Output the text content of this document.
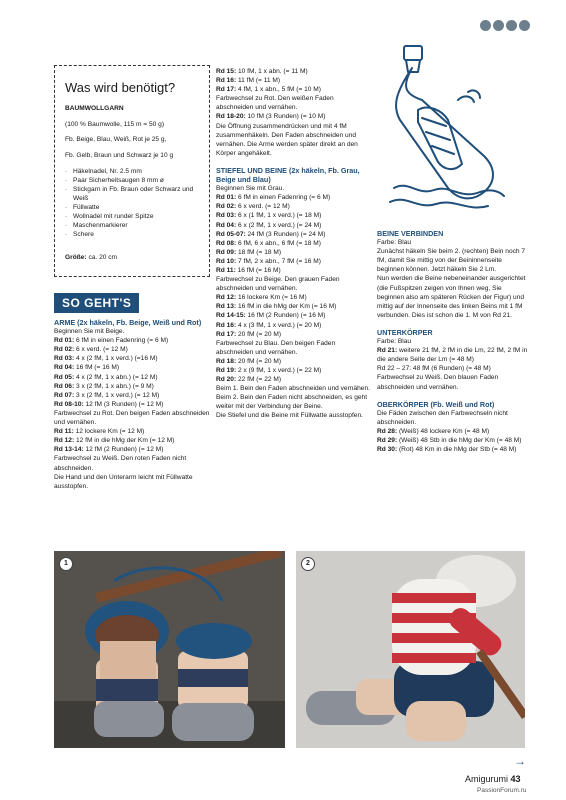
Was wird benötigt?

BAUMWOLLGARN

(100 % Baumwolle, 115 m = 50 g)

Fb. Beige, Blau, Weiß, Rot je 25 g,

Fb. Gelb, Braun und Schwarz je 10 g

· Häkelnadel, Nr. 2.5 mm
· Paar Sicherheitsaugen 8 mm ø
· Stickgarn in Fb. Braun oder Schwarz und Weiß
· Füllwatte
· Wollnadel mit runder Spitze
· Maschenmarkierer
· Schere

Größe: ca. 20 cm

SO GEHT'S

ARME (2x häkeln, Fb. Beige, Weiß und Rot)

Beginnen Sie mit Beige.

Rd 01: 6 fM in einen Fadenring (= 6 M)

Rd 02: 6 x verd. (= 12 M)

Rd 03: 4 x (2 fM, 1 x verd.) (=16 M)

Rd 04: 16 fM (= 16 M)

Rd 05: 4 x (2 fM, 1 x abn.) (= 12 M)

Rd 06: 3 x (2 fM, 1 x abn.) (= 9 M)

Rd 07: 3 x (2 fM, 1 x verd.) (= 12 M)

Rd 08-10: 12 fM (3 Runden) (= 12 M)

Farbwechsel zu Rot. Den beigen Faden abschneiden und vernähen.

Rd 11: 12 lockere Km (= 12 M)

Rd 12: 12 fM in die hMg der Km (= 12 M)

Rd 13-14: 12 fM (2 Runden) (= 12 M)

Farbwechsel zu Weiß. Den roten Faden nicht abschneiden.

Die Hand und den Unterarm leicht mit Füllwatte ausstopfen.

Rd 15: 10 fM, 1 x abn. (= 11 M)

Rd 16: 11 fM (= 11 M)

Rd 17: 4 fM, 1 x abn., 5 fM (= 10 M)

Farbwechsel zu Rot. Den weißen Faden abschneiden und vernähen.

Rd 18-20: 10 fM (3 Runden) (= 10 M)

Die Öffnung zusammendrücken und mit 4 fM zusammenhäkeln. Den Faden abschneiden und vernähen. Die Arme werden später direkt an den Körper angehäkelt.

STIEFEL UND BEINE (2x häkeln, Fb. Grau, Beige und Blau)

Beginnen Sie mit Grau.

Rd 01: 6 fM in einen Fadenring (= 6 M)

Rd 02: 6 x verd. (= 12 M)

Rd 03: 6 x (1 fM, 1 x verd.) (= 18 M)

Rd 04: 6 x (2 fM, 1 x verd.) (= 24 M)

Rd 05-07: 24 fM (3 Runden) (= 24 M)

Rd 08: 6 fM, 6 x abn., 6 fM (= 18 M)

Rd 09: 18 fM (= 18 M)

Rd 10: 7 fM, 2 x abn., 7 fM (= 16 M)

Rd 11: 16 fM (= 16 M)

Farbwechsel zu Beige. Den grauen Faden abschneiden und vernähen.

Rd 12: 16 lockere Km (= 16 M)

Rd 13: 16 fM in die hMg der Km (= 16 M)

Rd 14-15: 16 fM (2 Runden) (= 16 M)

Rd 16: 4 x (3 fM, 1 x verd.) (= 20 M)

Rd 17: 20 fM (= 20 M)

Farbwechsel zu Blau. Den beigen Faden abschneiden und vernähen.

Rd 18: 20 fM (= 20 M)

Rd 19: 2 x (9 fM, 1 x verd.) (= 22 M)

Rd 20: 22 fM (= 22 M)

Beim 1. Bein den Faden abschneiden und vernähen. Beim 2. Bein den Faden nicht abschneiden, es geht weiter mit der Verbindung der Beine.

Die Stiefel und die Beine mit Füllwatte ausstopfen.

BEINE VERBINDEN

Farbe: Blau

Zunächst häkeln Sie beim 2. (rechten) Bein noch 7 fM, damit Sie mittig von der Beininnenseite beginnen können. Jetzt häkeln Sie 2 Lm.

Nun werden die Beine nebeneinander ausgerichtet (die Fußspitzen zeigen von Ihnen weg, Sie beginnen also am späteren Rücken der Figur) und mittig auf der Innenseite des linken Beins mit 1 fM verbunden. Dies ist schon die 1. M von Rd 21.

UNTERKÖRPER

Farbe: Blau

Rd 21: weitere 21 fM, 2 fM in die Lm, 22 fM, 2 fM in die andere Seite der Lm (= 48 M)

Rd 22 – 27: 48 fM (6 Runden) (= 48 M)

Farbwechsel zu Weiß. Den blauen Faden abschneiden und vernähen.

OBERKÖRPER (Fb. Weiß und Rot)

Die Fäden zwischen den Farbwechseln nicht abschneiden.

Rd 28: (Weiß) 48 lockere Km (= 48 M)

Rd 29: (Weiß) 48 Stb in die hMg der Km (= 48 M)

Rd 30: (Rot) 48 Km in die hMg der Stb (= 48 M)

1	2
→
Amigurumi 43
PassionForum.ru
